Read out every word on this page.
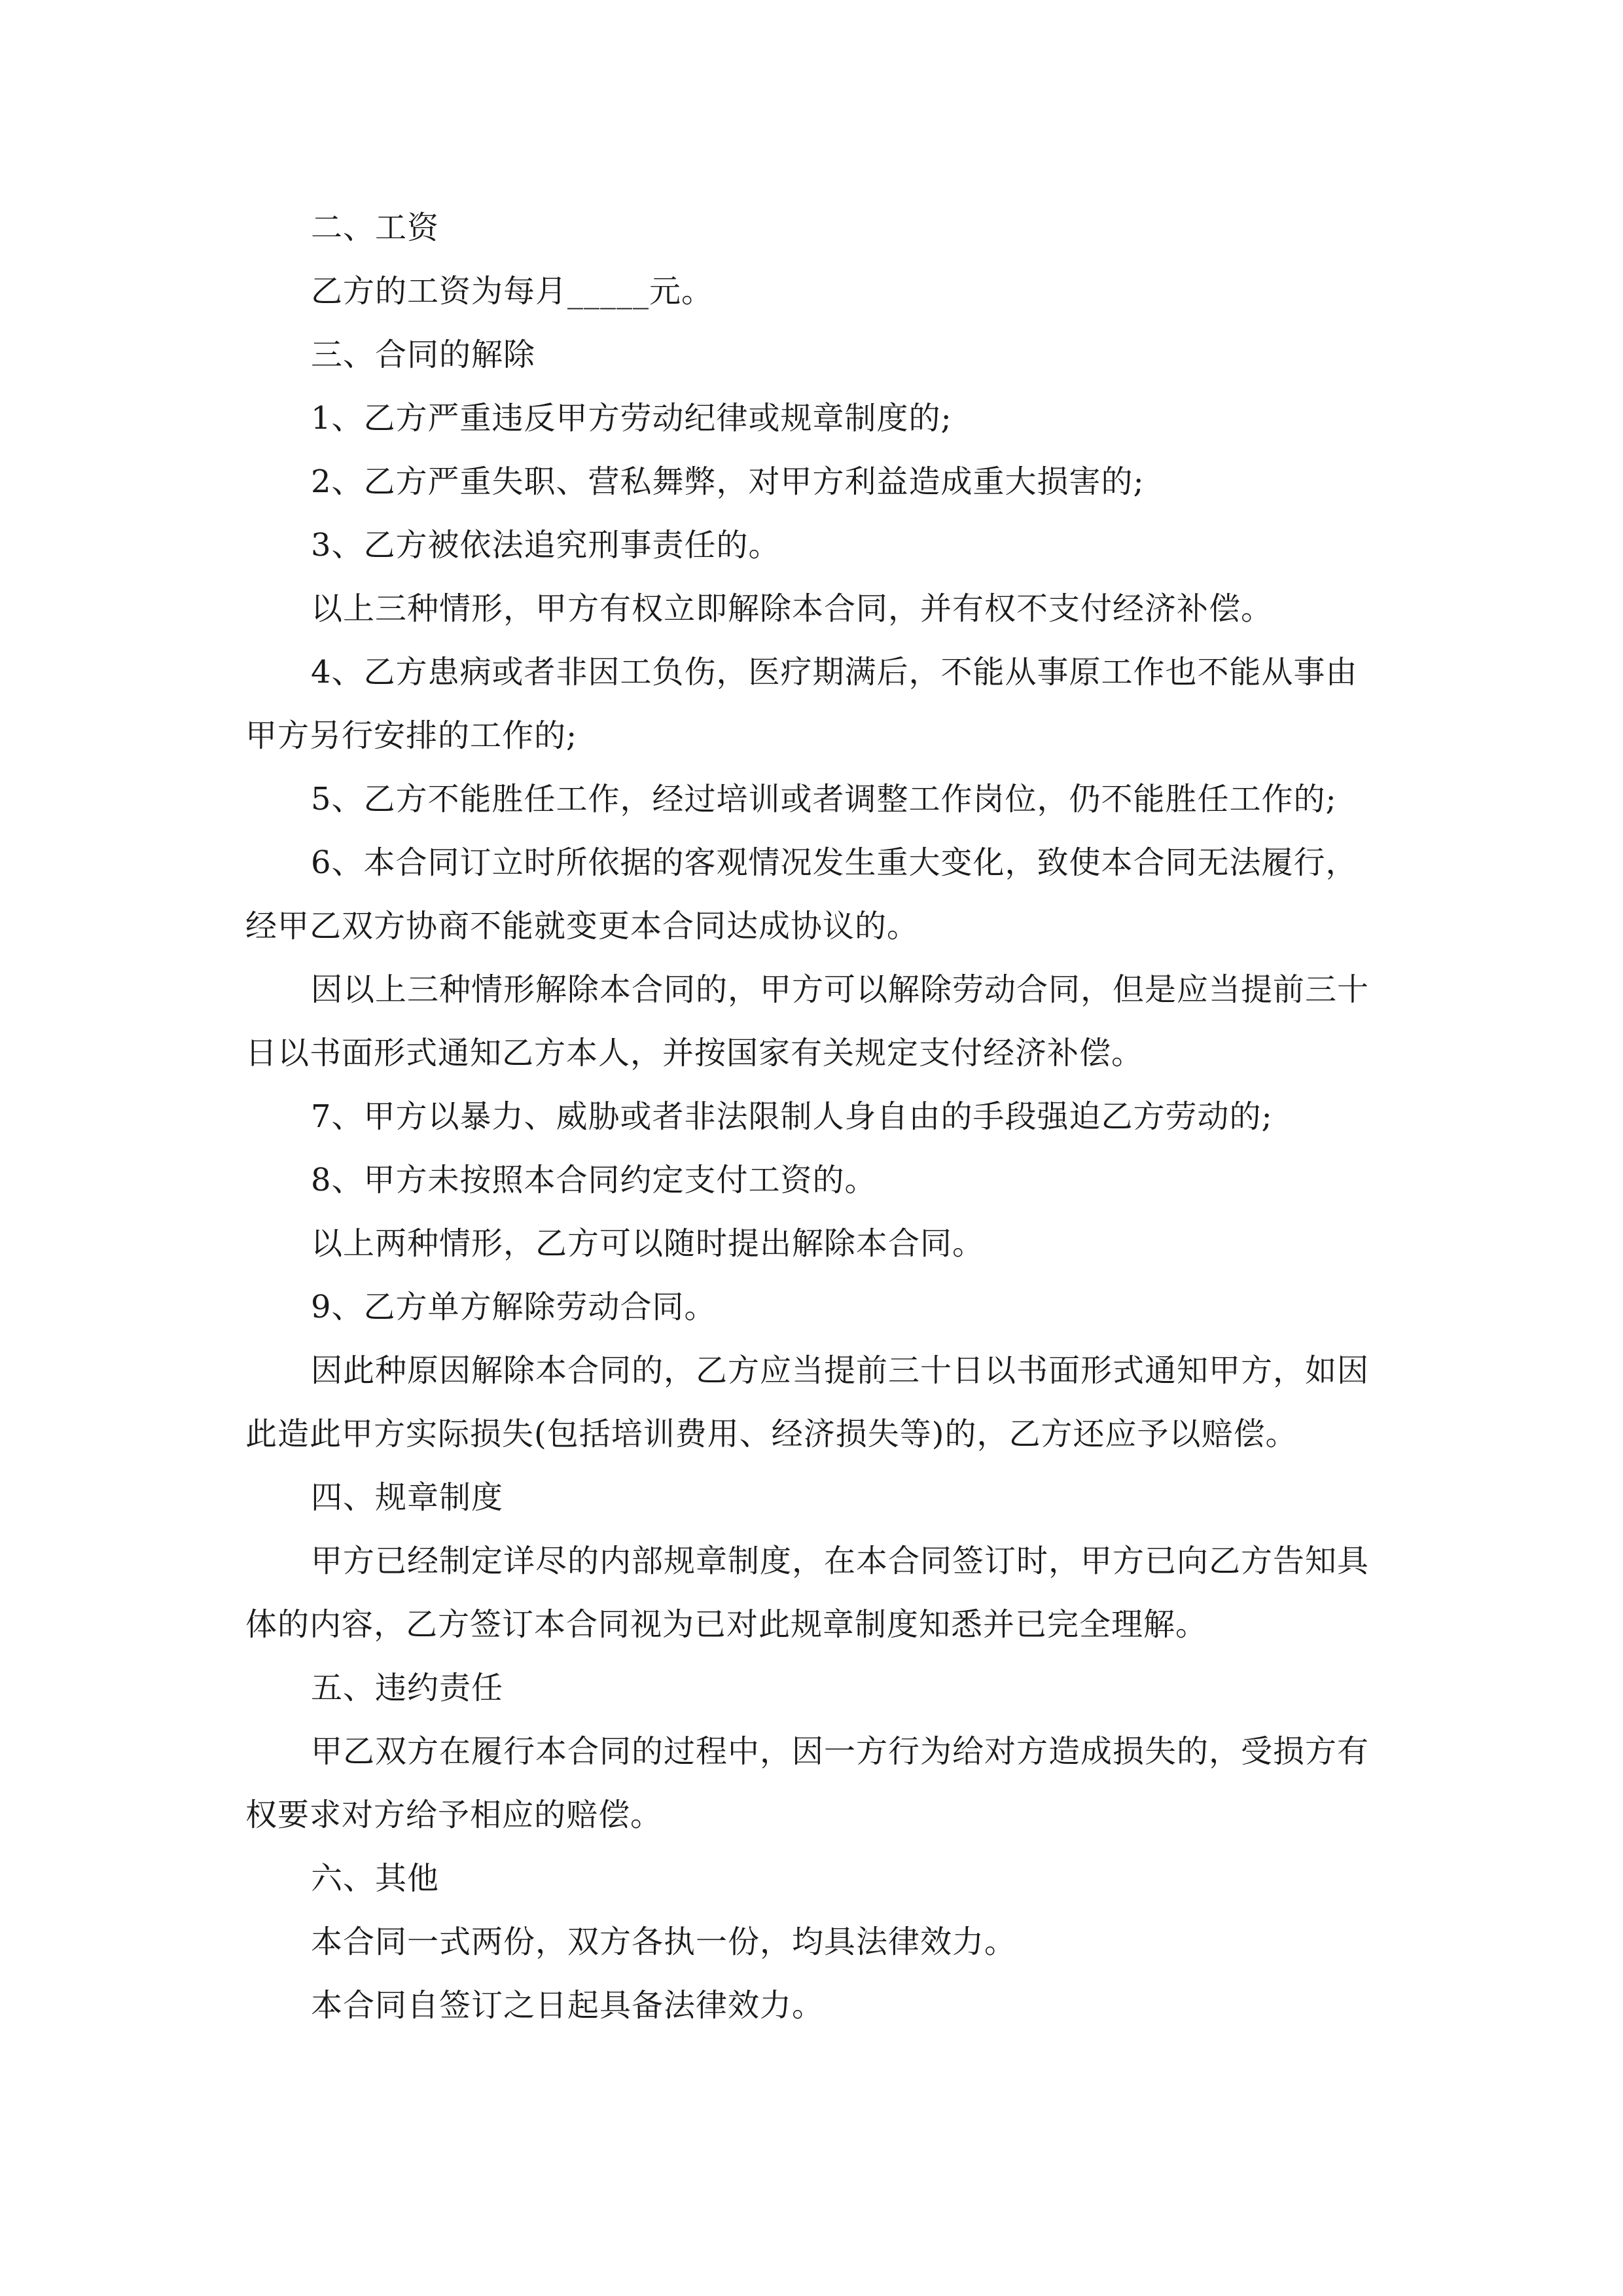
二、工资

乙方的工资为每月_____元。

三、合同的解除

1、乙方严重违反甲方劳动纪律或规章制度的;

2、乙方严重失职、营私舞弊，对甲方利益造成重大损害的;

3、乙方被依法追究刑事责任的。

以上三种情形，甲方有权立即解除本合同，并有权不支付经济补偿。

4、乙方患病或者非因工负伤，医疗期满后，不能从事原工作也不能从事由甲方另行安排的工作的;

5、乙方不能胜任工作，经过培训或者调整工作岗位，仍不能胜任工作的;

6、本合同订立时所依据的客观情况发生重大变化，致使本合同无法履行，经甲乙双方协商不能就变更本合同达成协议的。

因以上三种情形解除本合同的，甲方可以解除劳动合同，但是应当提前三十日以书面形式通知乙方本人，并按国家有关规定支付经济补偿。

7、甲方以暴力、威胁或者非法限制人身自由的手段强迫乙方劳动的;

8、甲方未按照本合同约定支付工资的。

以上两种情形，乙方可以随时提出解除本合同。

9、乙方单方解除劳动合同。

因此种原因解除本合同的，乙方应当提前三十日以书面形式通知甲方，如因此造此甲方实际损失(包括培训费用、经济损失等)的，乙方还应予以赔偿。

四、规章制度

甲方已经制定详尽的内部规章制度，在本合同签订时，甲方已向乙方告知具体的内容，乙方签订本合同视为已对此规章制度知悉并已完全理解。

五、违约责任

甲乙双方在履行本合同的过程中，因一方行为给对方造成损失的，受损方有权要求对方给予相应的赔偿。

六、其他

本合同一式两份，双方各执一份，均具法律效力。

本合同自签订之日起具备法律效力。
